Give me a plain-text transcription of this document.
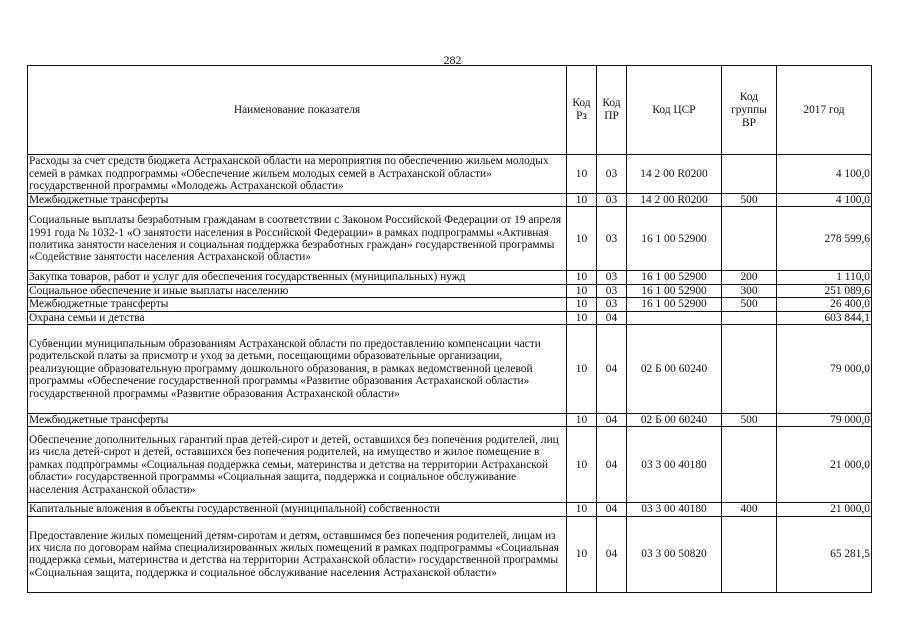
282
Наименование показателя	Код Рз	Код ПР	Код ЦСР	Код группы ВР	2017 год
Расходы за счет средств бюджета Астраханской области на мероприятия по обеспечению жильем молодых семей в рамках подпрограммы «Обеспечение жильем молодых семей в Астраханской области» государственной программы «Молодежь Астраханской области»	10	03	14 2 00 R0200		4 100,0
Межбюджетные трансферты	10	03	14 2 00 R0200	500	4 100,0
Социальные выплаты безработным гражданам в соответствии с Законом Российской Федерации от 19 апреля 1991 года № 1032-1 «О занятости населения в Российской Федерации» в рамках подпрограммы «Активная политика занятости населения и социальная поддержка безработных граждан» государственной программы «Содействие занятости населения Астраханской области»	10	03	16 1 00 52900		278 599,6
Закупка товаров, работ и услуг для обеспечения государственных (муниципальных) нужд	10	03	16 1 00 52900	200	1 110,0
Социальное обеспечение и иные выплаты населению	10	03	16 1 00 52900	300	251 089,6
Межбюджетные трансферты	10	03	16 1 00 52900	500	26 400,0
Охрана семьи и детства	10	04			603 844,1
Субвенции муниципальным образованиям Астраханской области по предоставлению компенсации части родительской платы за присмотр и уход за детьми, посещающими образовательные организации, реализующие образовательную программу дошкольного образования, в рамках ведомственной целевой программы «Обеспечение государственной программы «Развитие образования Астраханской области» государственной программы «Развитие образования Астраханской области»	10	04	02 Б 00 60240		79 000,0
Межбюджетные трансферты	10	04	02 Б 00 60240	500	79 000,0
Обеспечение дополнительных гарантий прав детей-сирот и детей, оставшихся без попечения родителей, лиц из числа детей-сирот и детей, оставшихся без попечения родителей, на имущество и жилое помещение в рамках подпрограммы «Социальная поддержка семьи, материнства и детства на территории Астраханской области» государственной программы «Социальная защита, поддержка и социальное обслуживание населения Астраханской области»	10	04	03 3 00 40180		21 000,0
Капитальные вложения в объекты государственной (муниципальной) собственности	10	04	03 3 00 40180	400	21 000,0
Предоставление жилых помещений детям-сиротам и детям, оставшимся без попечения родителей, лицам из их числа по договорам найма специализированных жилых помещений в рамках подпрограммы «Социальная поддержка семьи, материнства и детства на территории Астраханской области» государственной программы «Социальная защита, поддержка и социальное обслуживание населения Астраханской области»	10	04	03 3 00 50820		65 281,5
